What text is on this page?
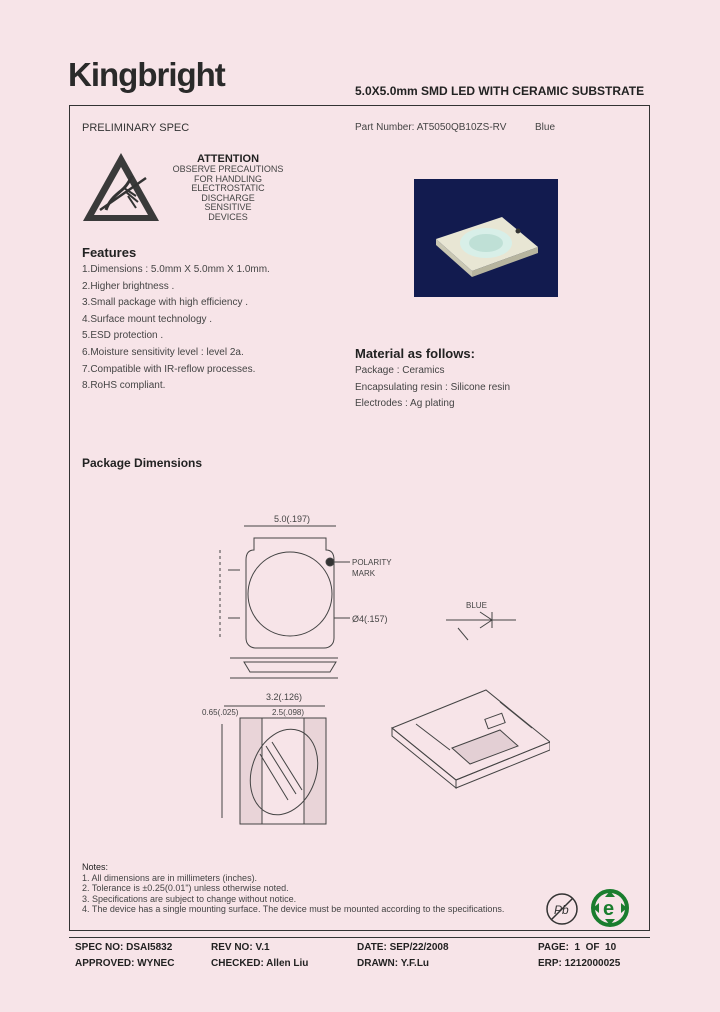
Kingbright	5.0X5.0mm SMD LED WITH CERAMIC SUBSTRATE
PRELIMINARY SPEC	Part Number: AT5050QB10ZS-RV	Blue
ATTENTION
OBSERVE PRECAUTIONS
FOR HANDLING
ELECTROSTATIC
DISCHARGE
SENSITIVE
DEVICES
Features
1.Dimensions : 5.0mm X 5.0mm X 1.0mm.
2.Higher brightness .
3.Small package with high efficiency .
4.Surface mount technology .
5.ESD protection .
6.Moisture sensitivity level : level 2a.
7.Compatible with IR-reflow processes.
8.RoHS compliant.
Material as follows:
Package : Ceramics
Encapsulating resin : Silicone resin
Electrodes : Ag plating
Package Dimensions
5.0(.197)
POLARITY
MARK
Ø4(.157)
BLUE
3.2(.126)
0.65(.025)	2.5(.098)
Notes:
1. All dimensions are in millimeters (inches).
2. Tolerance is ±0.25(0.01") unless otherwise noted.
3. Specifications are subject to change without notice.
4. The device has a single mounting surface. The device must be mounted according to the specifications.	Pb e
SPEC NO: DSAI5832	REV NO: V.1	DATE: SEP/22/2008	PAGE:  1  OF  10
APPROVED: WYNEC	CHECKED: Allen Liu	DRAWN: Y.F.Lu	ERP: 1212000025
